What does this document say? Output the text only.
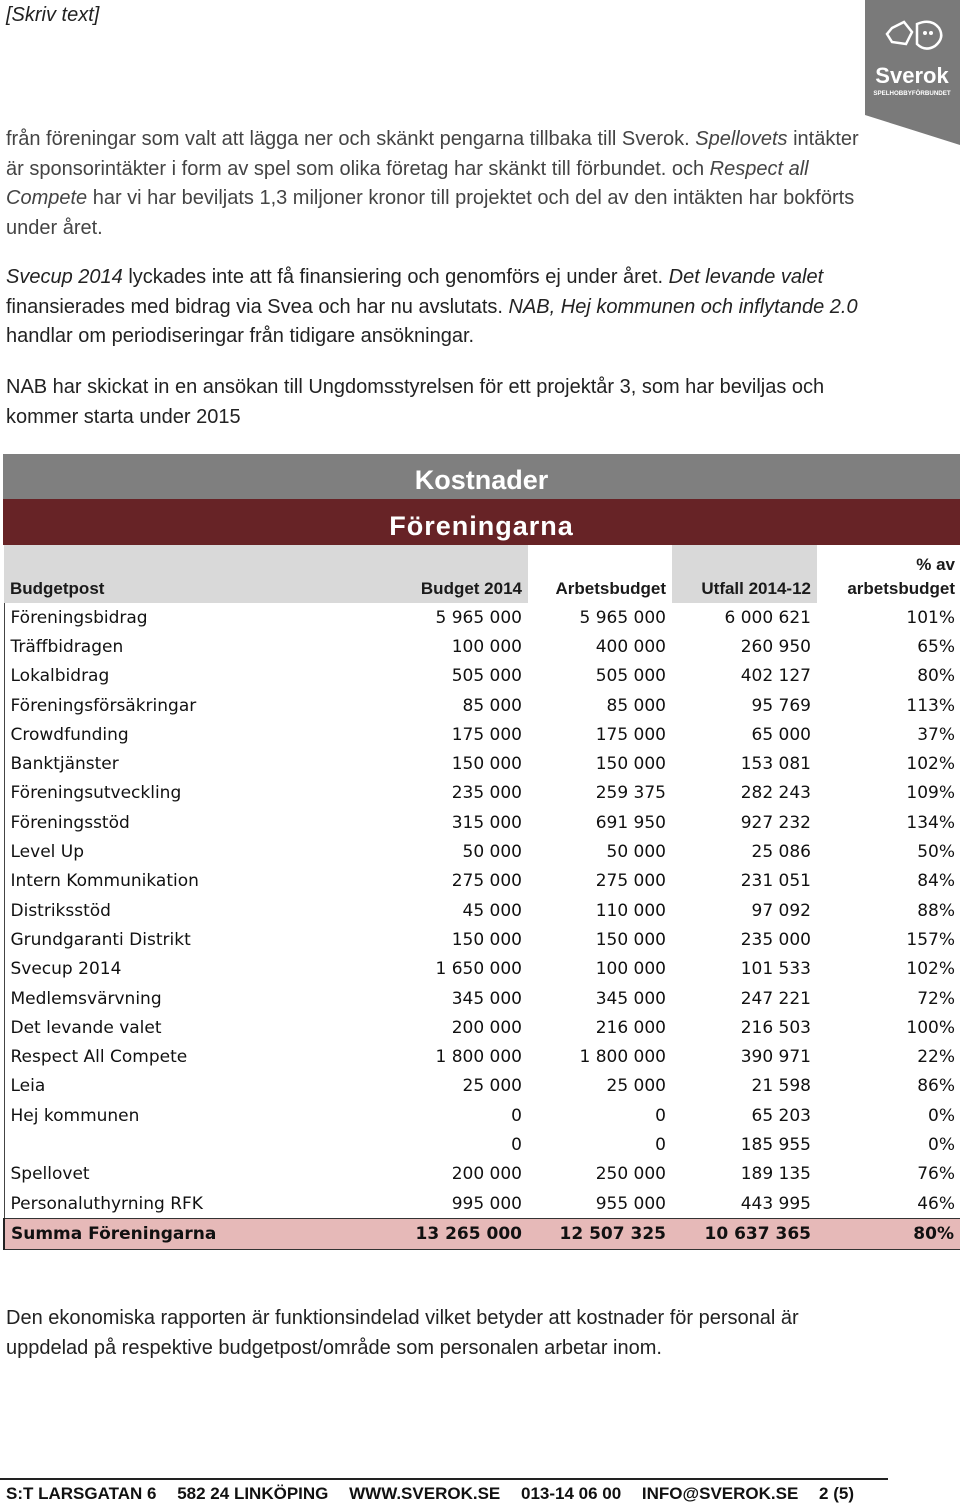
[Skriv text]
Sverok
SPELHOBBYFÖRBUNDET
från föreningar som valt att lägga ner och skänkt pengarna tillbaka till Sverok. Spellovets intäkter är sponsorintäkter i form av spel som olika företag har skänkt till förbundet. och Respect all Compete har vi har beviljats 1,3 miljoner kronor till projektet och del av den intäkten har bokförts under året.
Svecup 2014 lyckades inte att få finansiering och genomförs ej under året. Det levande valet finansierades med bidrag via Svea och har nu avslutats. NAB, Hej kommunen och inflytande 2.0 handlar om periodiseringar från tidigare ansökningar.
NAB har skickat in en ansökan till Ungdomsstyrelsen för ett projektår 3, som har beviljas och kommer starta under 2015
Kostnader
Föreningarna
Budgetpost	Budget 2014	Arbetsbudget	Utfall 2014-12	% av arbetsbudget
Föreningsbidrag	5 965 000	5 965 000	6 000 621	101%
Träffbidragen	100 000	400 000	260 950	65%
Lokalbidrag	505 000	505 000	402 127	80%
Föreningsförsäkringar	85 000	85 000	95 769	113%
Crowdfunding	175 000	175 000	65 000	37%
Banktjänster	150 000	150 000	153 081	102%
Föreningsutveckling	235 000	259 375	282 243	109%
Föreningsstöd	315 000	691 950	927 232	134%
Level Up	50 000	50 000	25 086	50%
Intern Kommunikation	275 000	275 000	231 051	84%
Distriksstöd	45 000	110 000	97 092	88%
Grundgaranti Distrikt	150 000	150 000	235 000	157%
Svecup 2014	1 650 000	100 000	101 533	102%
Medlemsvärvning	345 000	345 000	247 221	72%
Det levande valet	200 000	216 000	216 503	100%
Respect All Compete	1 800 000	1 800 000	390 971	22%
Leia	25 000	25 000	21 598	86%
Hej kommunen	0	0	65 203	0%
	0	0	185 955	0%
Spellovet	200 000	250 000	189 135	76%
Personaluthyrning RFK	995 000	955 000	443 995	46%
Summa Föreningarna	13 265 000	12 507 325	10 637 365	80%
Den ekonomiska rapporten är funktionsindelad vilket betyder att kostnader för personal är uppdelad på respektive budgetpost/område som personalen arbetar inom.
S:T LARSGATAN 6 582 24 LINKÖPING WWW.SVEROK.SE 013-14 06 00 INFO@SVEROK.SE 2 (5)
